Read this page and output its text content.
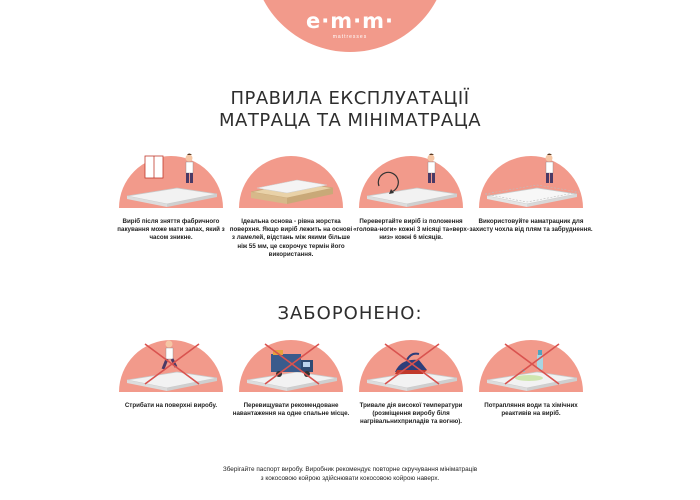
e·m·m·
mattresses
ПРАВИЛА ЕКСПЛУАТАЦІЇ
МАТРАЦА ТА МІНІМАТРАЦА
Виріб після зняття фабричного пакування може мати запах, який з часом зникне.
Ідеальна основа - рівна жорстка поверхня. Якщо виріб лежить на основі з ламелей, відстань між якими більше ніж 55 мм, це скорочує термін його використання.
Перевертайте виріб із положення «голова-ноги» кожні 3 місяці та«верх-низ» кожні 6 місяців.
Використовуйте наматрацник для захисту чохла від плям та забруднення.
ЗАБОРОНЕНО:
Стрибати на поверхні виробу.	Перевищувати рекомендоване навантаження на одне спальне місце.
Тривале дія високої температури (розміщення виробу біля нагрівальнихприладів та вогню).
Потрапляння води та хімічних реактивів на виріб.
Зберігайте паспорт виробу. Виробник рекомендує повторне скручування мініматраців
з кокосовою койрою здійснювати кокосовою койрою наверх.
